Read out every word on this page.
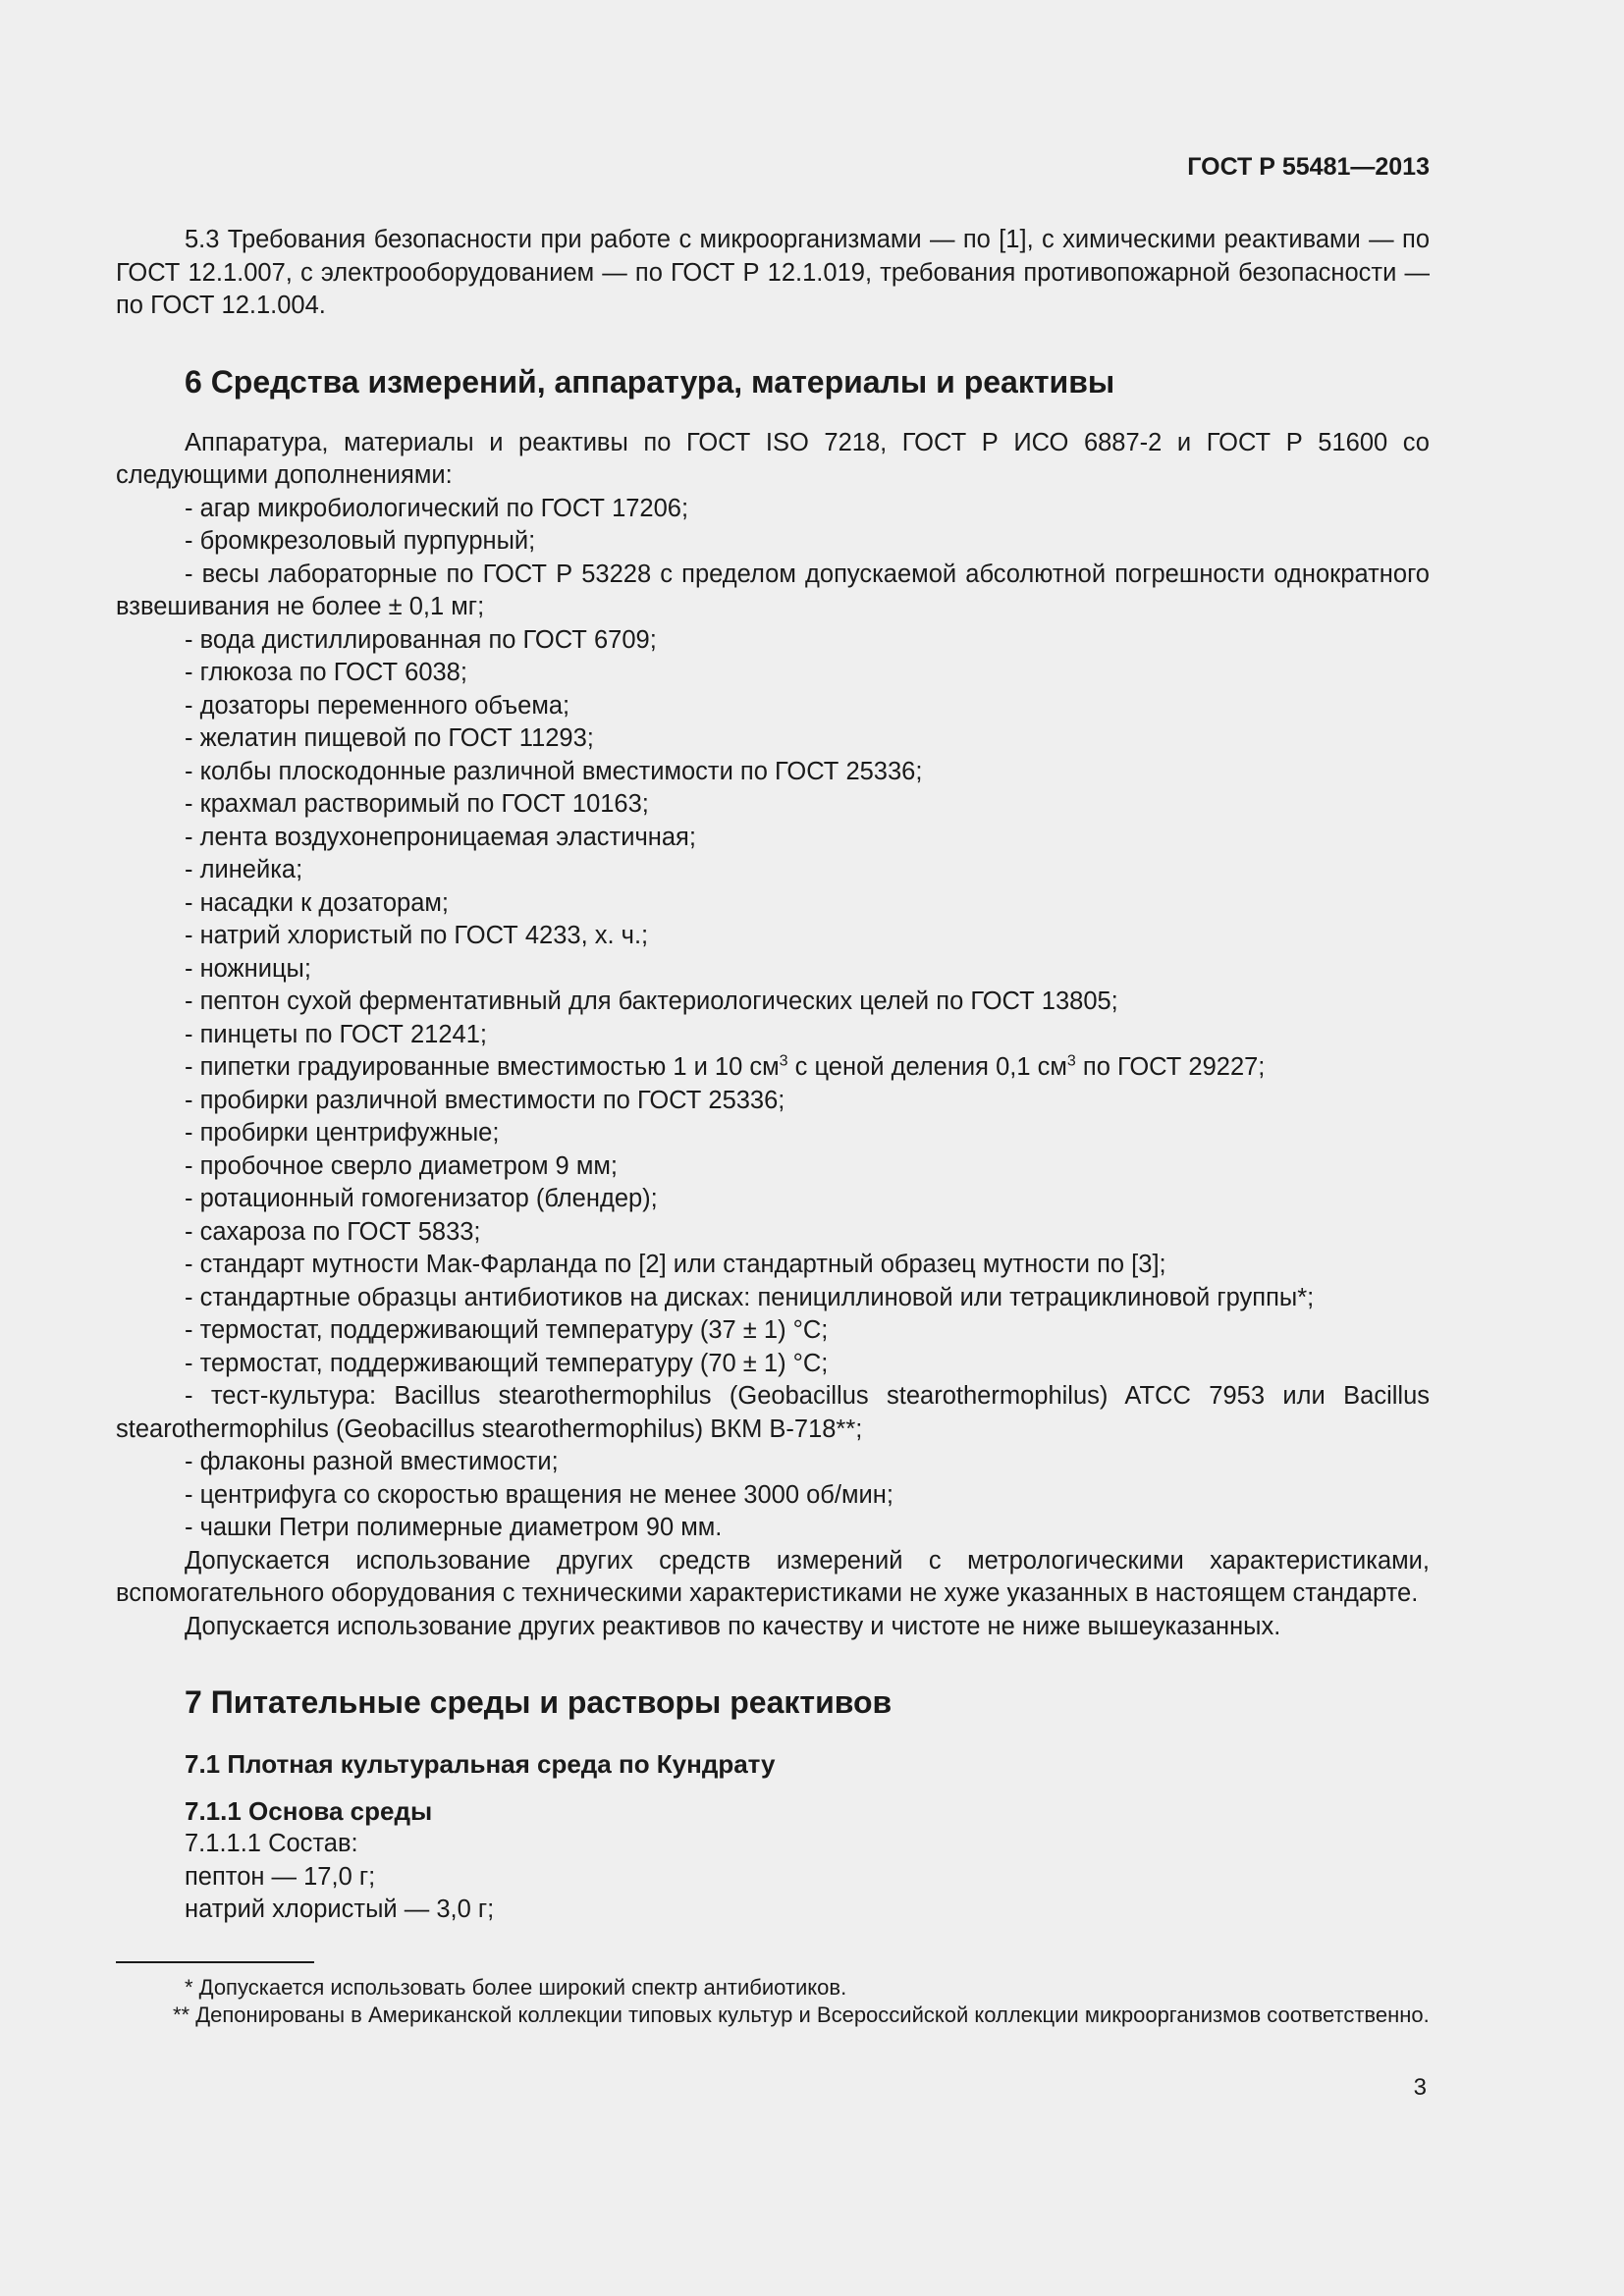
ГОСТ Р 55481—2013

5.3 Требования безопасности при работе с микроорганизмами — по [1], с химическими реактивами — по ГОСТ 12.1.007, с электрооборудованием — по ГОСТ Р 12.1.019, требования противопожарной безопасности — по ГОСТ 12.1.004.

6 Средства измерений, аппаратура, материалы и реактивы

Аппаратура, материалы и реактивы по ГОСТ ISO 7218, ГОСТ Р ИСО 6887-2 и ГОСТ Р 51600 со следующими дополнениями:

- агар микробиологический по ГОСТ 17206;
- бромкрезоловый пурпурный;
- весы лабораторные по ГОСТ Р 53228 с пределом допускаемой абсолютной погрешности однократного взвешивания не более ± 0,1 мг;
- вода дистиллированная по ГОСТ 6709;
- глюкоза по ГОСТ 6038;
- дозаторы переменного объема;
- желатин пищевой по ГОСТ 11293;
- колбы плоскодонные различной вместимости по ГОСТ 25336;
- крахмал растворимый по ГОСТ 10163;
- лента воздухонепроницаемая эластичная;
- линейка;
- насадки к дозаторам;
- натрий хлористый по ГОСТ 4233, х. ч.;
- ножницы;
- пептон сухой ферментативный для бактериологических целей по ГОСТ 13805;
- пинцеты по ГОСТ 21241;
- пипетки градуированные вместимостью 1 и 10 $см^3$ с ценой деления 0,1 $см^3$ по ГОСТ 29227;
- пробирки различной вместимости по ГОСТ 25336;
- пробирки центрифужные;
- пробочное сверло диаметром 9 мм;
- ротационный гомогенизатор (блендер);
- сахароза по ГОСТ 5833;
- стандарт мутности Мак-Фарланда по [2] или стандартный образец мутности по [3];
- стандартные образцы антибиотиков на дисках: пенициллиновой или тетрациклиновой группы*;
- термостат, поддерживающий температуру (37 ± 1) °С;
- термостат, поддерживающий температуру (70 ± 1) °С;
- тест-культура: Bacillus stearothermophilus (Geobacillus stearothermophilus) ATCC 7953 или Bacillus stearothermophilus (Geobacillus stearothermophilus) ВКМ В-718**;
- флаконы разной вместимости;
- центрифуга со скоростью вращения не менее 3000 об/мин;
- чашки Петри полимерные диаметром 90 мм.

Допускается использование других средств измерений с метрологическими характеристиками, вспомогательного оборудования с техническими характеристиками не хуже указанных в настоящем стандарте.

Допускается использование других реактивов по качеству и чистоте не ниже вышеуказанных.

7 Питательные среды и растворы реактивов
7.1 Плотная культуральная среда по Кундрату
7.1.1 Основа среды
7.1.1.1 Состав:
пептон — 17,0 г;
натрий хлористый — 3,0 г;

* Допускается использовать более широкий спектр антибиотиков.

** Депонированы в Американской коллекции типовых культур и Всероссийской коллекции микроорганизмов соответственно.

3
